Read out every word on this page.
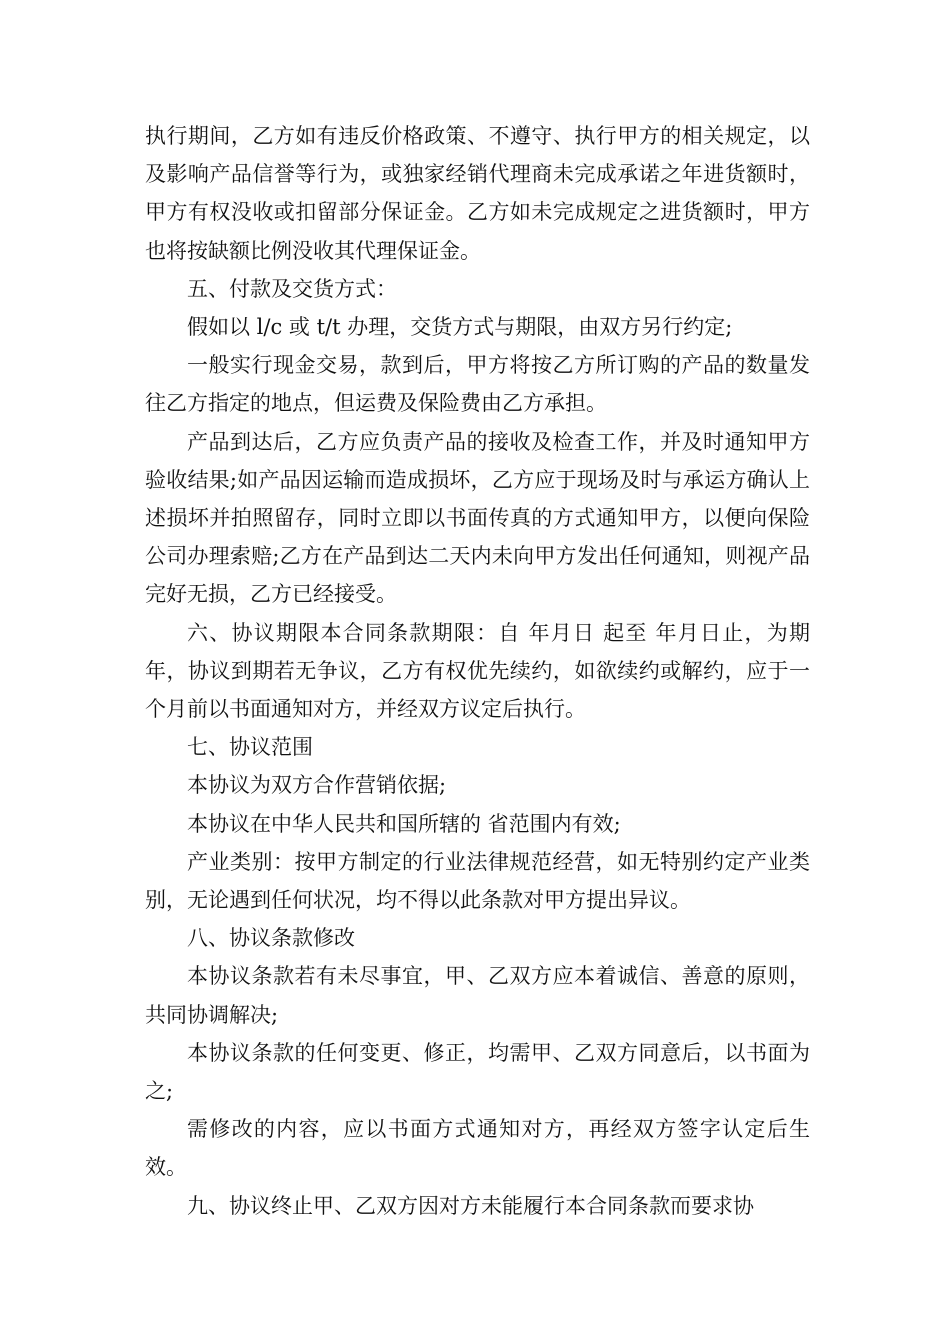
执行期间，乙方如有违反价格政策、不遵守、执行甲方的相关规定，以及影响产品信誉等行为，或独家经销代理商未完成承诺之年进货额时，甲方有权没收或扣留部分保证金。乙方如未完成规定之进货额时，甲方也将按缺额比例没收其代理保证金。

五、付款及交货方式：

假如以 l/c 或 t/t 办理，交货方式与期限，由双方另行约定;

一般实行现金交易，款到后，甲方将按乙方所订购的产品的数量发往乙方指定的地点，但运费及保险费由乙方承担。

产品到达后，乙方应负责产品的接收及检查工作，并及时通知甲方验收结果;如产品因运输而造成损坏，乙方应于现场及时与承运方确认上述损坏并拍照留存，同时立即以书面传真的方式通知甲方，以便向保险公司办理索赔;乙方在产品到达二天内未向甲方发出任何通知，则视产品完好无损，乙方已经接受。

六、协议期限本合同条款期限：自 年月日 起至 年月日止，为期年，协议到期若无争议，乙方有权优先续约，如欲续约或解约，应于一个月前以书面通知对方，并经双方议定后执行。

七、协议范围

本协议为双方合作营销依据;

本协议在中华人民共和国所辖的 省范围内有效;

产业类别：按甲方制定的行业法律规范经营，如无特别约定产业类别，无论遇到任何状况，均不得以此条款对甲方提出异议。

八、协议条款修改

本协议条款若有未尽事宜，甲、乙双方应本着诚信、善意的原则，共同协调解决;

本协议条款的任何变更、修正，均需甲、乙双方同意后，以书面为之;

需修改的内容，应以书面方式通知对方，再经双方签字认定后生效。

九、协议终止甲、乙双方因对方未能履行本合同条款而要求协
